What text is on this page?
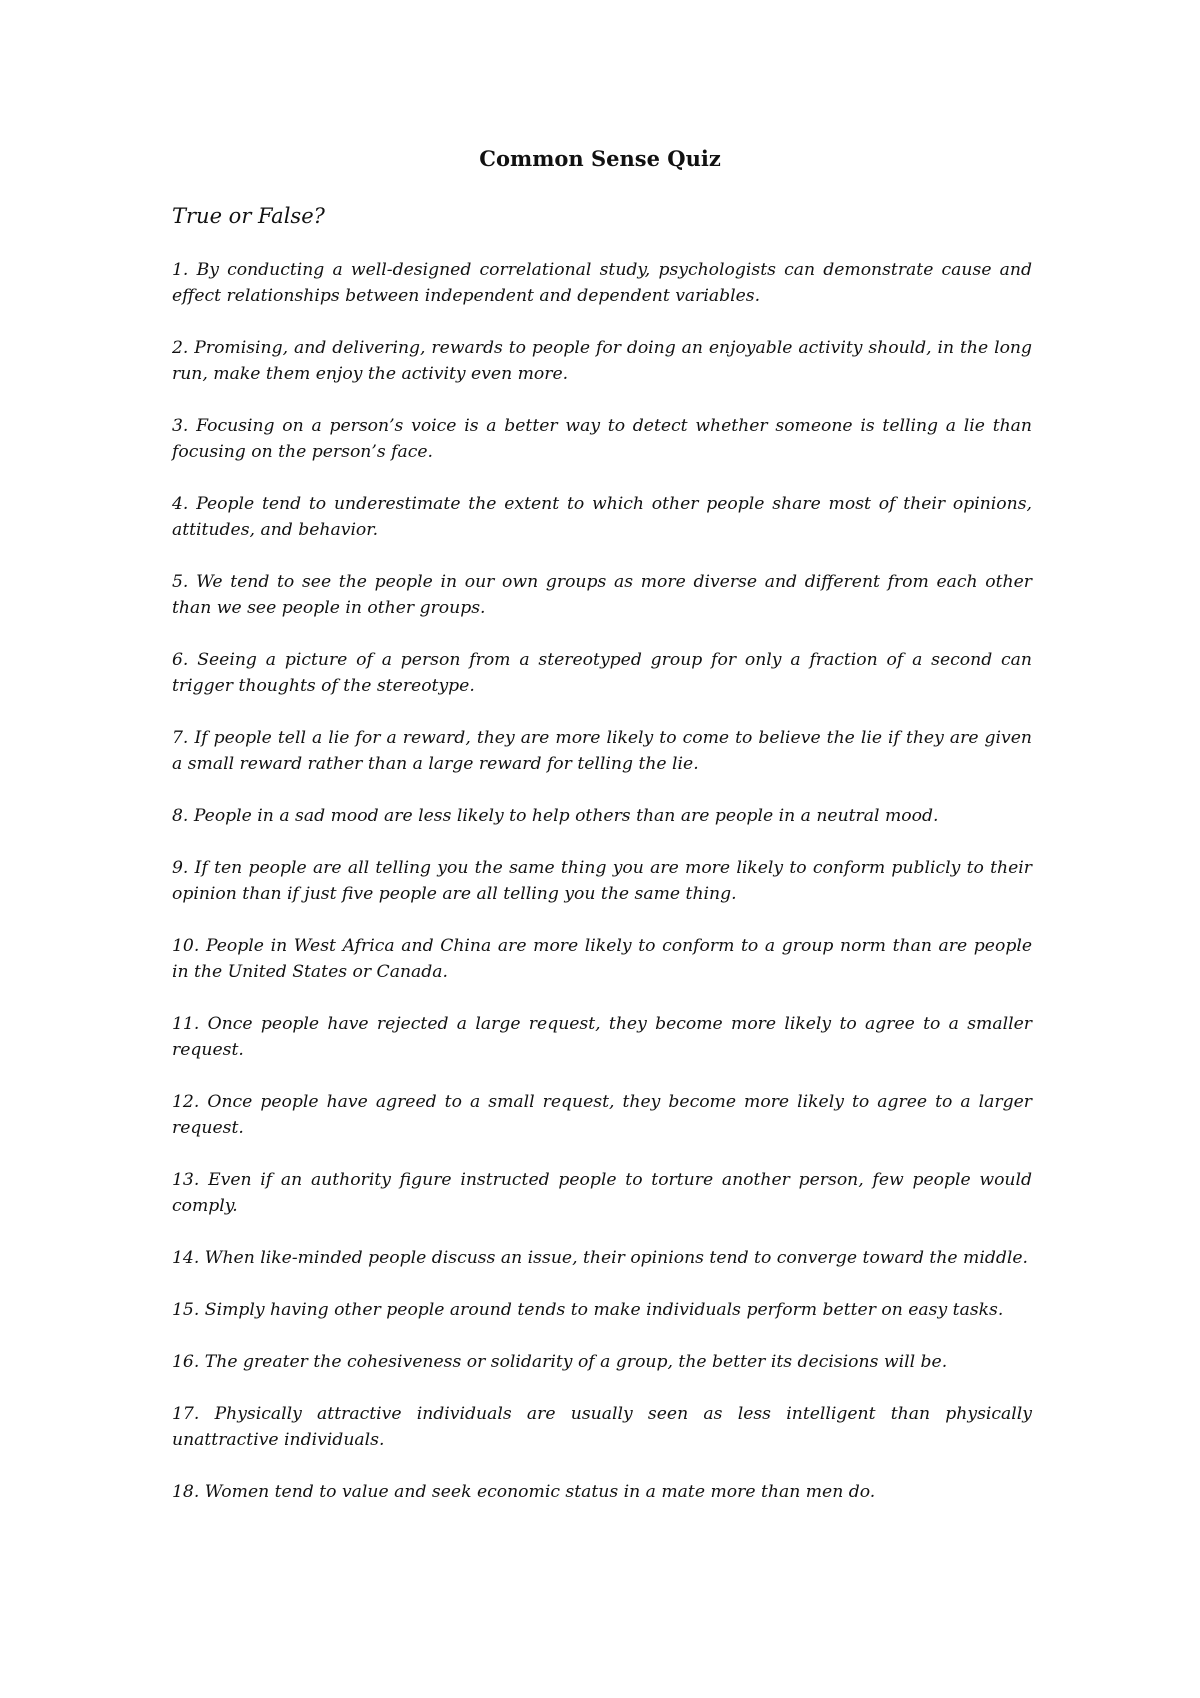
Common Sense Quiz
True or False?

1. By conducting a well-designed correlational study, psychologists can demonstrate cause and effect relationships between independent and dependent variables.

2. Promising, and delivering, rewards to people for doing an enjoyable activity should, in the long run, make them enjoy the activity even more.

3. Focusing on a person’s voice is a better way to detect whether someone is telling a lie than focusing on the person’s face.

4. People tend to underestimate the extent to which other people share most of their opinions, attitudes, and behavior.

5. We tend to see the people in our own groups as more diverse and different from each other than we see people in other groups.

6. Seeing a picture of a person from a stereotyped group for only a fraction of a second can trigger thoughts of the stereotype.

7. If people tell a lie for a reward, they are more likely to come to believe the lie if they are given a small reward rather than a large reward for telling the lie.

8. People in a sad mood are less likely to help others than are people in a neutral mood.

9. If ten people are all telling you the same thing you are more likely to conform publicly to their opinion than if just five people are all telling you the same thing.

10. People in West Africa and China are more likely to conform to a group norm than are people in the United States or Canada.

11. Once people have rejected a large request, they become more likely to agree to a smaller request.

12. Once people have agreed to a small request, they become more likely to agree to a larger request.

13. Even if an authority figure instructed people to torture another person, few people would comply.

14. When like-minded people discuss an issue, their opinions tend to converge toward the middle.

15. Simply having other people around tends to make individuals perform better on easy tasks.

16. The greater the cohesiveness or solidarity of a group, the better its decisions will be.

17. Physically attractive individuals are usually seen as less intelligent than physically unattractive individuals.

18. Women tend to value and seek economic status in a mate more than men do.
